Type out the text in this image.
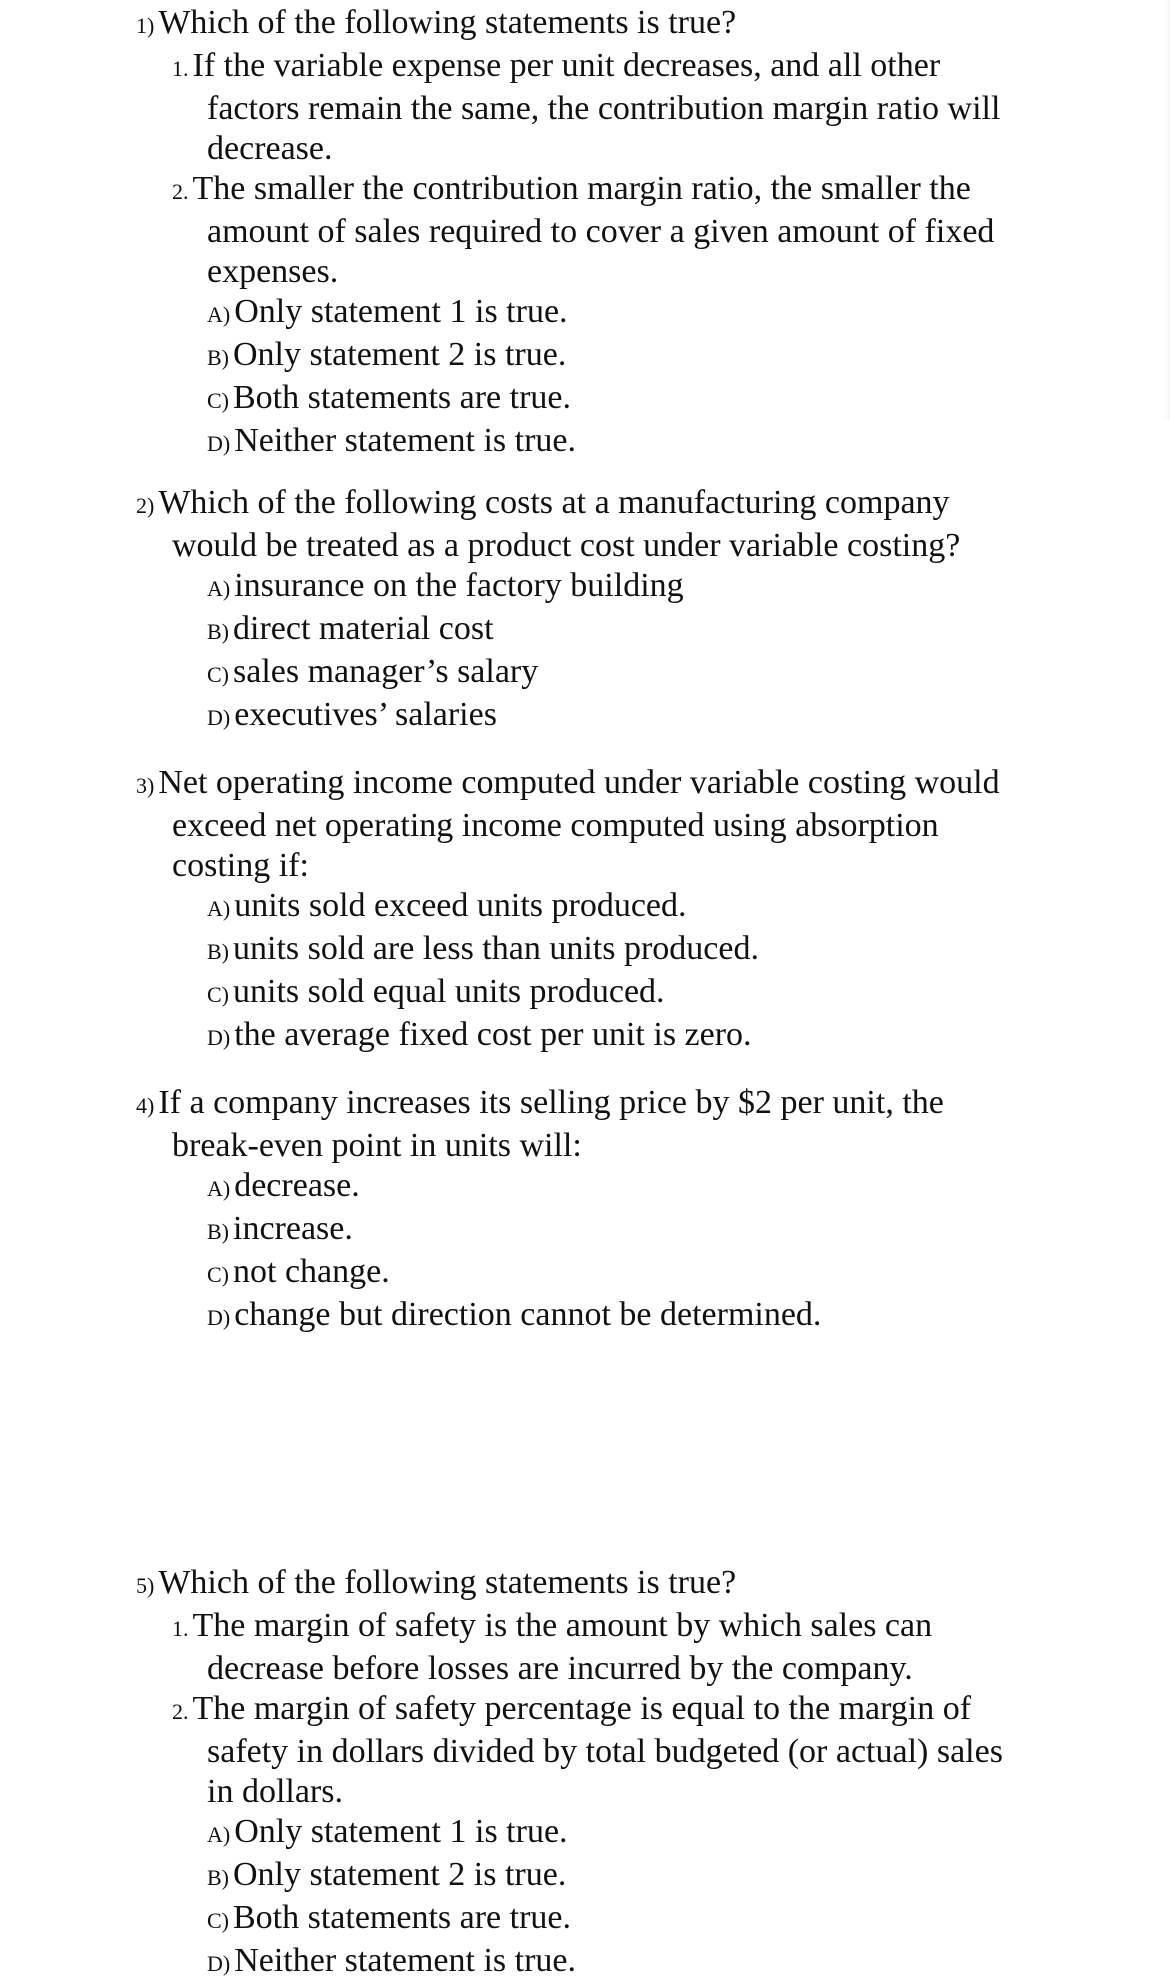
1) Which of the following statements is true?
1. If the variable expense per unit decreases, and all other
factors remain the same, the contribution margin ratio will
decrease.
2. The smaller the contribution margin ratio, the smaller the
amount of sales required to cover a given amount of fixed
expenses.
A) Only statement 1 is true.
B) Only statement 2 is true.
C) Both statements are true.
D) Neither statement is true.
2) Which of the following costs at a manufacturing company
would be treated as a product cost under variable costing?
A) insurance on the factory building
B) direct material cost
C) sales manager’s salary
D) executives’ salaries
3) Net operating income computed under variable costing would
exceed net operating income computed using absorption
costing if:
A) units sold exceed units produced.
B) units sold are less than units produced.
C) units sold equal units produced.
D) the average fixed cost per unit is zero.
4) If a company increases its selling price by $2 per unit, the
break-even point in units will:
A) decrease.
B) increase.
C) not change.
D) change but direction cannot be determined.
5) Which of the following statements is true?
1. The margin of safety is the amount by which sales can
decrease before losses are incurred by the company.
2. The margin of safety percentage is equal to the margin of
safety in dollars divided by total budgeted (or actual) sales
in dollars.
A) Only statement 1 is true.
B) Only statement 2 is true.
C) Both statements are true.
D) Neither statement is true.
